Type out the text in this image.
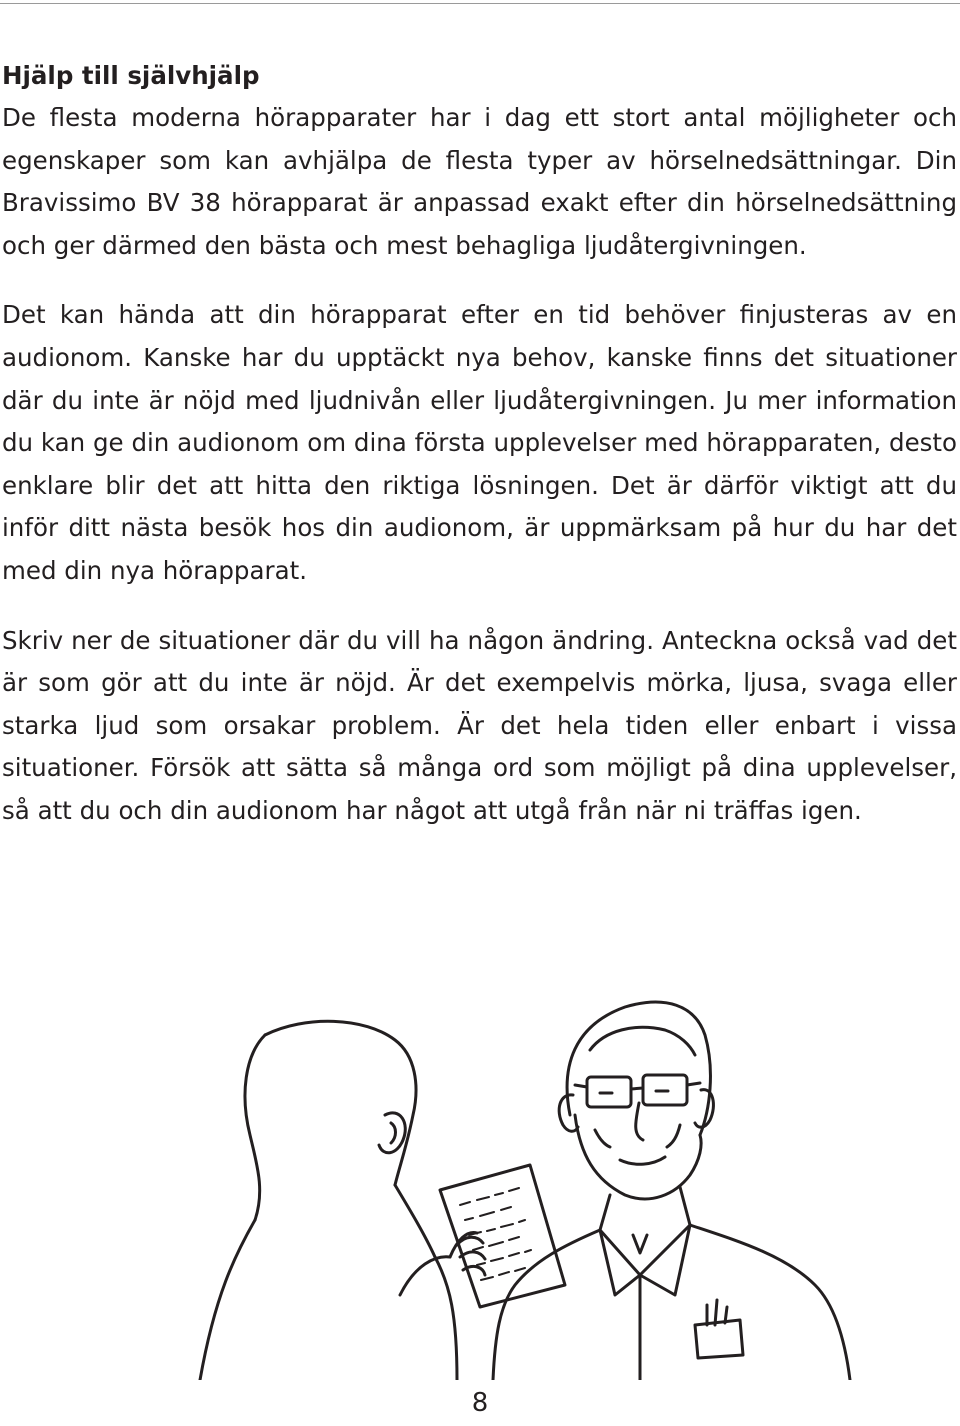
Hjälp till självhjälp

De flesta moderna hörapparater har i dag ett stort antal möjligheter och egenskaper som kan avhjälpa de flesta typer av hörselnedsättningar. Din Bravissimo BV 38 hörapparat är anpassad exakt efter din hörselnedsättning och ger därmed den bästa och mest behagliga ljudåtergivningen.

Det kan hända att din hörapparat efter en tid behöver finjusteras av en audionom. Kanske har du upptäckt nya behov, kanske finns det situationer där du inte är nöjd med ljudnivån eller ljudåtergivningen. Ju mer information du kan ge din audionom om dina första upplevelser med hörapparaten, desto enklare blir det att hitta den riktiga lösningen. Det är därför viktigt att du inför ditt nästa besök hos din audionom, är uppmärksam på hur du har det med din nya hörapparat.

Skriv ner de situationer där du vill ha någon ändring. Anteckna också vad det är som gör att du inte är nöjd. Är det exempelvis mörka, ljusa, svaga eller starka ljud som orsakar problem. Är det hela tiden eller enbart i vissa situationer. Försök att sätta så många ord som möjligt på dina upplevelser, så att du och din audionom har något att utgå från när ni träffas igen.

8
